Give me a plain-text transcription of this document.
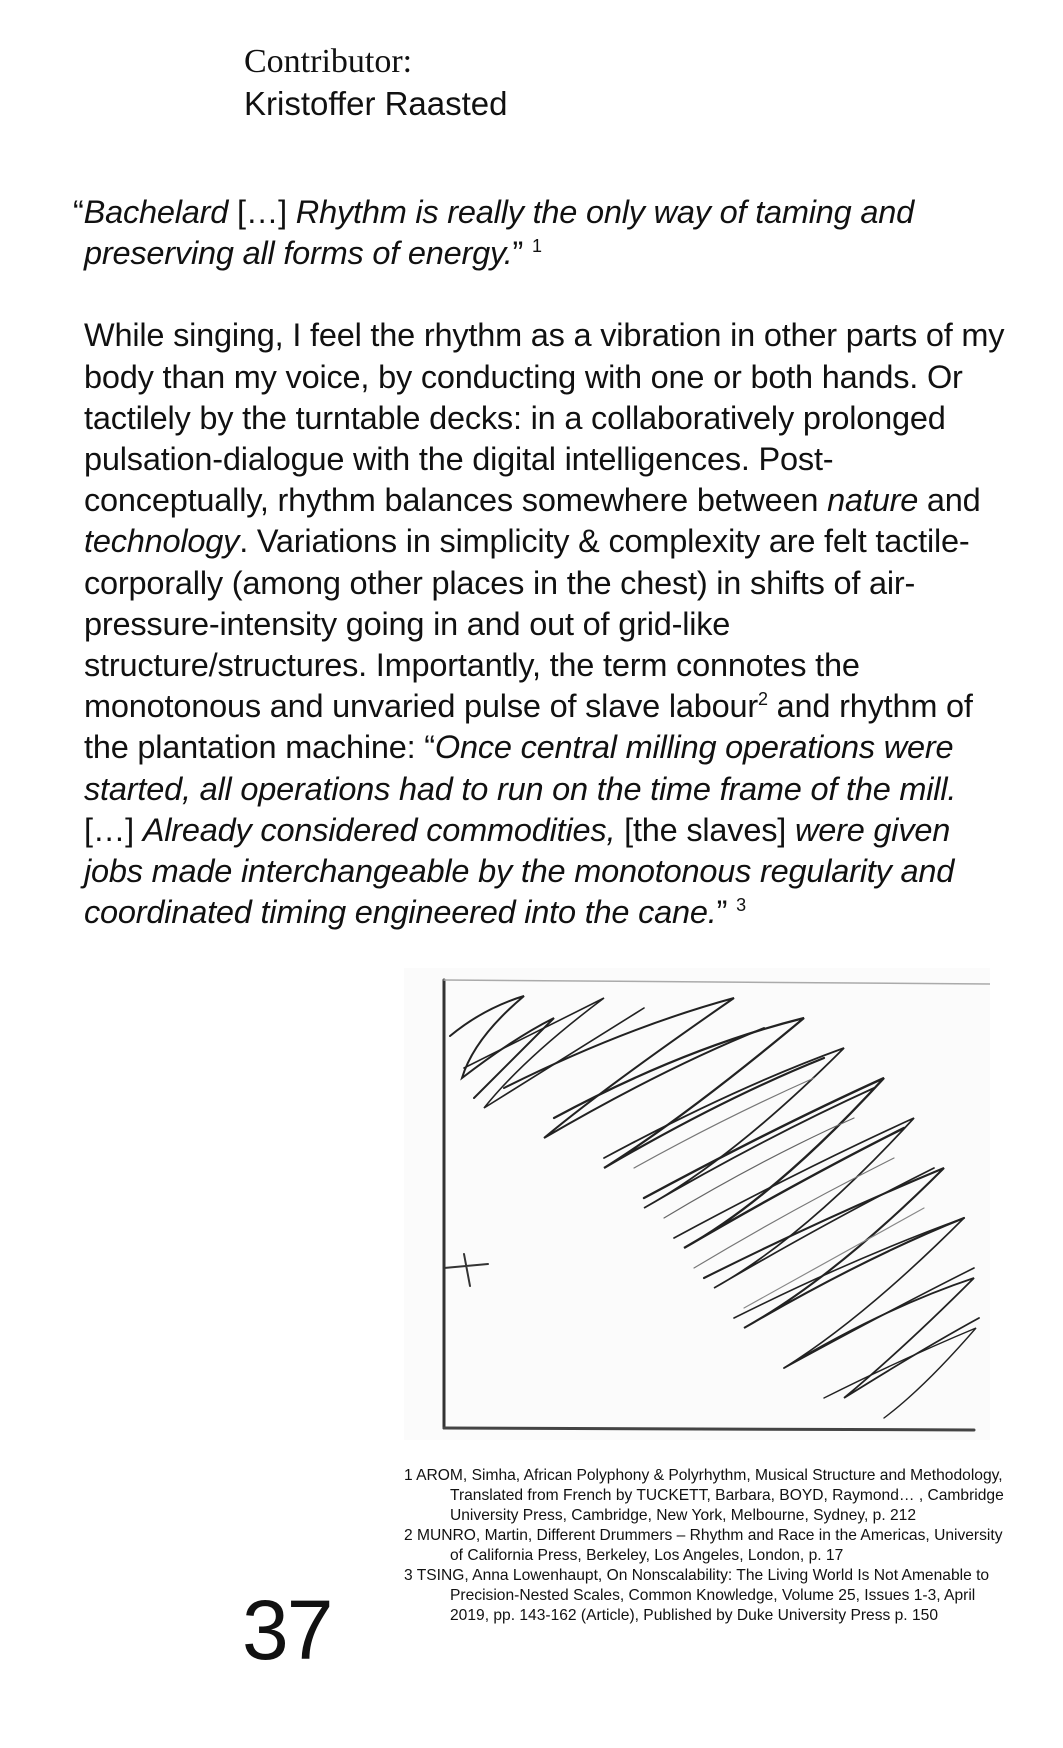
Contributor:
Kristoffer Raasted

“Bachelard […] Rhythm is really the only way of taming and preserving all forms of energy.” $^1$

While singing, I feel the rhythm as a vibration in other parts of my body than my voice, by conducting with one or both hands. Or tactilely by the turntable decks: in a collaboratively prolonged pulsation-dialogue with the digital intelligences. Post-conceptually, rhythm balances somewhere between nature and technology. Variations in simplicity & complexity are felt tactile-corporally (among other places in the chest) in shifts of air-pressure-intensity going in and out of grid-like structure/structures. Importantly, the term connotes the monotonous and unvaried pulse of slave labour$^2$ and rhythm of the plantation machine: “Once central milling operations were started, all operations had to run on the time frame of the mill. […] Already considered commodities, [the slaves] were given jobs made interchangeable by the monotonous regularity and coordinated timing engineered into the cane.” $^3$

1 AROM, Simha, African Polyphony & Polyrhythm, Musical Structure and Methodology, Translated from French by TUCKETT, Barbara, BOYD, Raymond… , Cambridge University Press, Cambridge, New York, Melbourne, Sydney, p. 212

2 MUNRO, Martin, Different Drummers – Rhythm and Race in the Americas, University of California Press, Berkeley, Los Angeles, London, p. 17

3 TSING, Anna Lowenhaupt, On Nonscalability: The Living World Is Not Amenable to Precision-Nested Scales, Common Knowledge, Volume 25, Issues 1-3, April 2019, pp. 143-162 (Article), Published by Duke University Press p. 150

37
